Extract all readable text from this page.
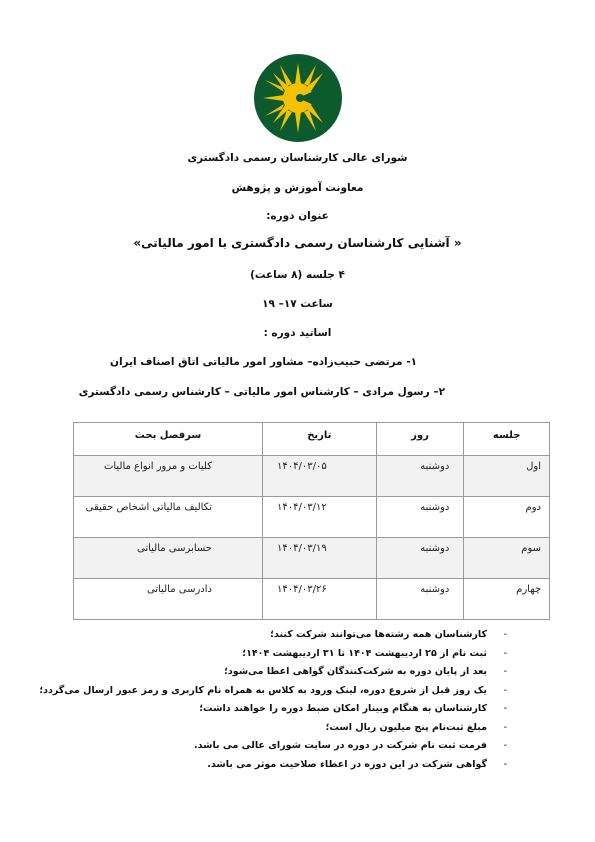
شورای عالی کارشناسان رسمی دادگستری
معاونت آموزش و پژوهش
عنوان دوره:
« آشنایی کارشناسان رسمی دادگستری با امور مالیاتی»
۴ جلسه (۸ ساعت)
ساعت ۱۷– ۱۹
اساتید دوره :
۱- مرتضی حبیب‌زاده– مشاور امور مالیاتی اتاق اصناف ایران
۲– رسول مرادی – کارشناس امور مالیاتی – کارشناس رسمی دادگستری
جلسه	روز	تاریخ	سرفصل بحث
اول	دوشنبه	۱۴۰۴/۰۳/۰۵	کلیات و مرور انواع مالیات
دوم	دوشنبه	۱۴۰۴/۰۳/۱۲	تکالیف مالیاتی اشخاص حقیقی
سوم	دوشنبه	۱۴۰۴/۰۳/۱۹	حسابرسی مالیاتی
چهارم	دوشنبه	۱۴۰۴/۰۳/۲۶	دادرسی مالیاتی
-کارشناسان همه رشته‌ها می‌توانند شرکت کنند؛
-ثبت نام از ۲۵ اردیبهشت ۱۴۰۴ تا ۳۱ اردیبهشت ۱۴۰۴؛
-بعد از پایان دوره به شرکت‌کنندگان گواهی اعطا می‌شود؛
-یک روز قبل از شروع دوره، لینک ورود به کلاس به همراه نام کاربری و رمز عبور ارسال می‌گردد؛
-کارشناسان به هنگام وبینار امکان ضبط دوره را خواهند داشت؛
-مبلغ ثبت‌نام پنج میلیون ریال است؛
-فرمت ثبت نام شرکت در دوره در سایت شورای عالی می باشد.
-گواهی شرکت در این دوره در اعطاء صلاحیت موثر می باشد.
